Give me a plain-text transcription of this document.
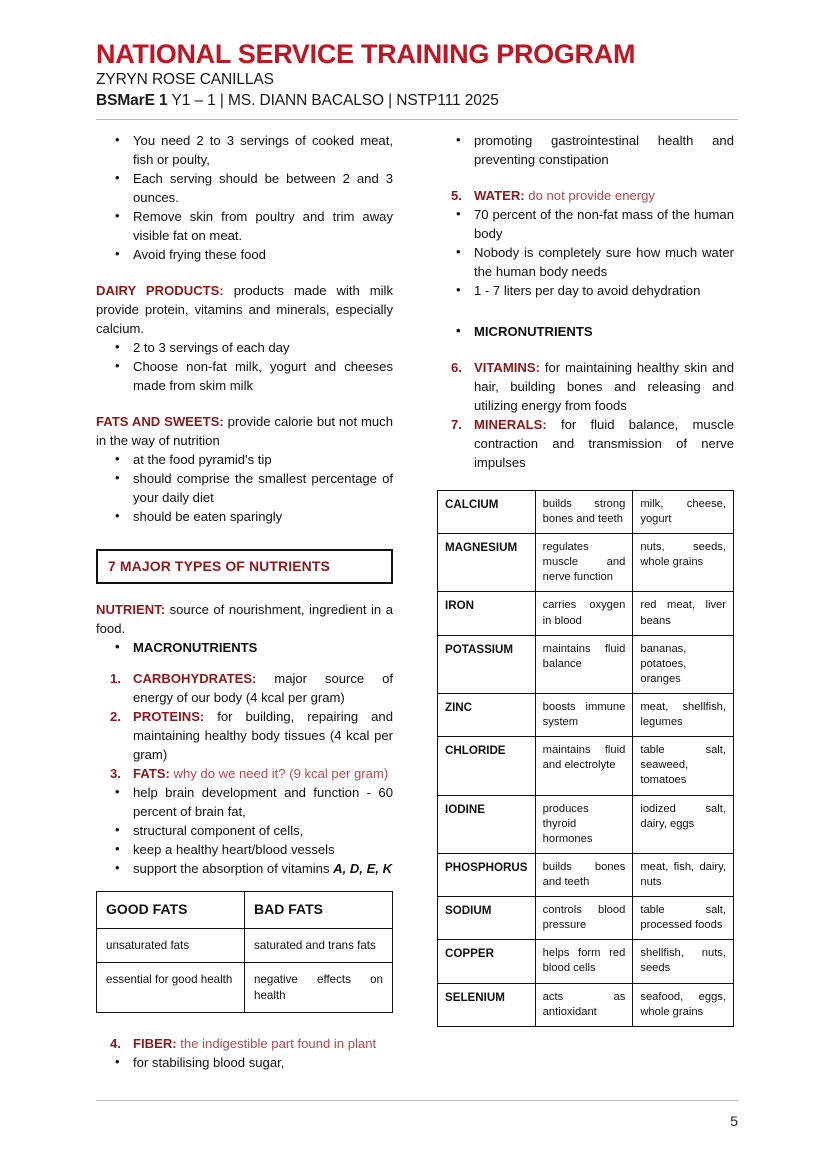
NATIONAL SERVICE TRAINING PROGRAM
ZYRYN ROSE CANILLAS
BSMarE 1 Y1 – 1 | MS. DIANN BACALSO | NSTP111 2025
• You need 2 to 3 servings of cooked meat, fish or poulty,
• Each serving should be between 2 and 3 ounces.
• Remove skin from poultry and trim away visible fat on meat.
• Avoid frying these food

DAIRY PRODUCTS: products made with milk provide protein, vitamins and minerals, especially calcium.

• 2 to 3 servings of each day
• Choose non-fat milk, yogurt and cheeses made from skim milk

FATS AND SWEETS: provide calorie but not much in the way of nutrition

• at the food pyramid's tip
• should comprise the smallest percentage of your daily diet
• should be eaten sparingly
7 MAJOR TYPES OF NUTRIENTS

NUTRIENT: source of nourishment, ingredient in a food.

• MACRONUTRIENTS
CARBOHYDRATES: major source of energy of our body (4 kcal per gram)
PROTEINS: for building, repairing and maintaining healthy body tissues (4 kcal per gram)
FATS: why do we need it? (9 kcal per gram)
• help brain development and function - 60 percent of brain fat,
• structural component of cells,
• keep a healthy heart/blood vessels
• support the absorption of vitamins A, D, E, K
GOOD FATS	BAD FATS
unsaturated fats	saturated and trans fats
essential for good health	negative effects on health
FIBER: the indigestible part found in plant
• for stabilising blood sugar,
• promoting gastrointestinal health and preventing constipation
WATER: do not provide energy
• 70 percent of the non-fat mass of the human body
• Nobody is completely sure how much water the human body needs
• 1 - 7 liters per day to avoid dehydration
• MICRONUTRIENTS
VITAMINS: for maintaining healthy skin and hair, building bones and releasing and utilizing energy from foods
MINERALS: for fluid balance, muscle contraction and transmission of nerve impulses
CALCIUM	builds strong bones and teeth	milk, cheese, yogurt
MAGNESIUM	regulates muscle and nerve function	nuts, seeds, whole grains
IRON	carries oxygen in blood	red meat, liver beans
POTASSIUM	maintains fluid balance	bananas, potatoes, oranges
ZINC	boosts immune system	meat, shellfish, legumes
CHLORIDE	maintains fluid and electrolyte	table salt, seaweed, tomatoes
IODINE	produces thyroid hormones	iodized salt, dairy, eggs
PHOSPHORUS	builds bones and teeth	meat, fish, dairy, nuts
SODIUM	controls blood pressure	table salt, processed foods
COPPER	helps form red blood cells	shellfish, nuts, seeds
SELENIUM	acts as antioxidant	seafood, eggs, whole grains
5
